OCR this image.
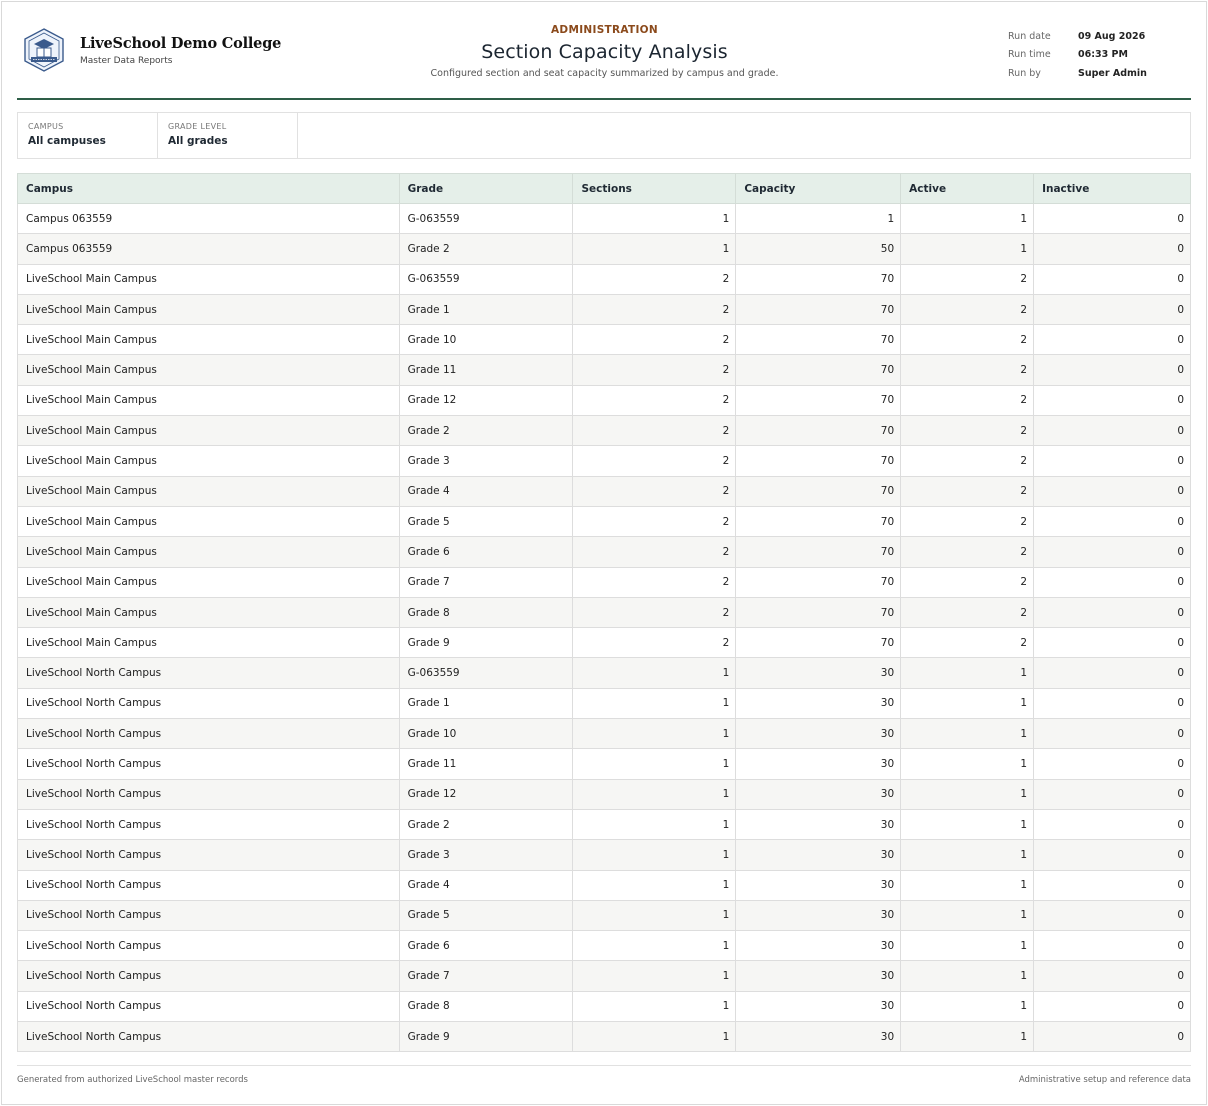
LiveSchool Demo College
Master Data Reports
ADMINISTRATION
Section Capacity Analysis
Configured section and seat capacity summarized by campus and grade.
Run date	09 Aug 2026
Run time	06:33 PM
Run by	Super Admin
CAMPUS
All campuses
GRADE LEVEL
All grades
Campus	Grade	Sections	Capacity	Active	Inactive
Campus 063559	G-063559	1	1	1	0
Campus 063559	Grade 2	1	50	1	0
LiveSchool Main Campus	G-063559	2	70	2	0
LiveSchool Main Campus	Grade 1	2	70	2	0
LiveSchool Main Campus	Grade 10	2	70	2	0
LiveSchool Main Campus	Grade 11	2	70	2	0
LiveSchool Main Campus	Grade 12	2	70	2	0
LiveSchool Main Campus	Grade 2	2	70	2	0
LiveSchool Main Campus	Grade 3	2	70	2	0
LiveSchool Main Campus	Grade 4	2	70	2	0
LiveSchool Main Campus	Grade 5	2	70	2	0
LiveSchool Main Campus	Grade 6	2	70	2	0
LiveSchool Main Campus	Grade 7	2	70	2	0
LiveSchool Main Campus	Grade 8	2	70	2	0
LiveSchool Main Campus	Grade 9	2	70	2	0
LiveSchool North Campus	G-063559	1	30	1	0
LiveSchool North Campus	Grade 1	1	30	1	0
LiveSchool North Campus	Grade 10	1	30	1	0
LiveSchool North Campus	Grade 11	1	30	1	0
LiveSchool North Campus	Grade 12	1	30	1	0
LiveSchool North Campus	Grade 2	1	30	1	0
LiveSchool North Campus	Grade 3	1	30	1	0
LiveSchool North Campus	Grade 4	1	30	1	0
LiveSchool North Campus	Grade 5	1	30	1	0
LiveSchool North Campus	Grade 6	1	30	1	0
LiveSchool North Campus	Grade 7	1	30	1	0
LiveSchool North Campus	Grade 8	1	30	1	0
LiveSchool North Campus	Grade 9	1	30	1	0
Generated from authorized LiveSchool master records	Administrative setup and reference data
